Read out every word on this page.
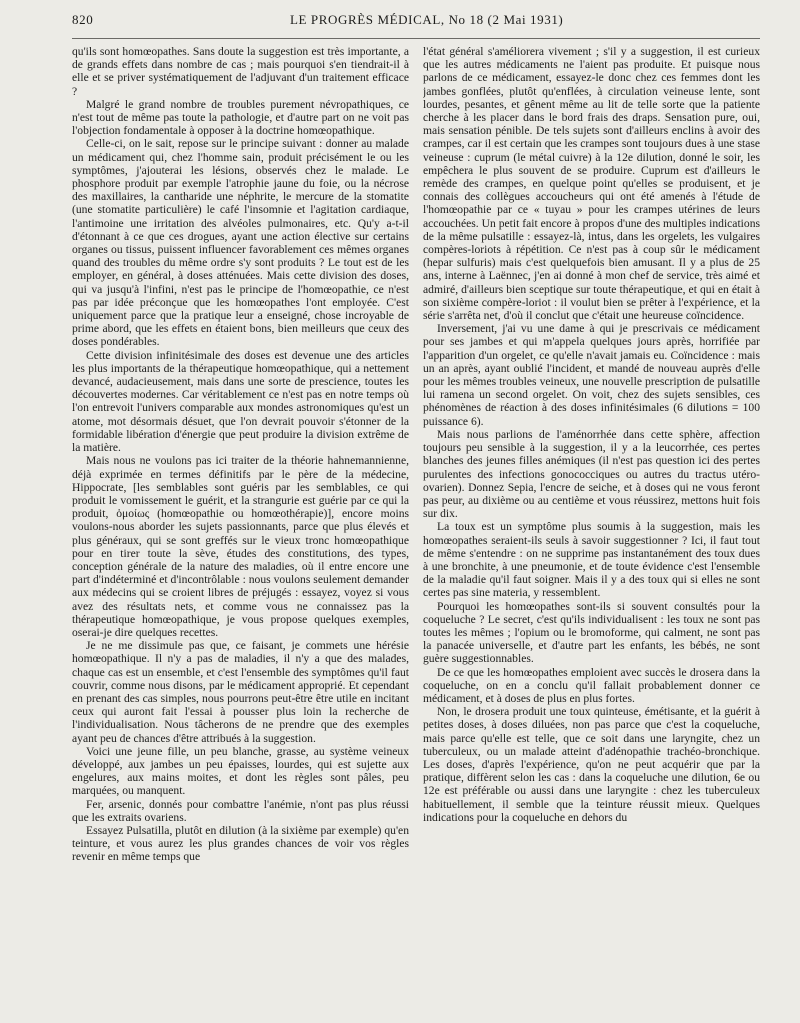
820	LE PROGRÈS MÉDICAL, No 18 (2 Mai 1931)

qu'ils sont homœopathes. Sans doute la suggestion est très importante, a de grands effets dans nombre de cas ; mais pourquoi s'en tiendrait-il à elle et se priver systématiquement de l'adjuvant d'un traitement efficace ?

Malgré le grand nombre de troubles purement névropathiques, ce n'est tout de même pas toute la pathologie, et d'autre part on ne voit pas l'objection fondamentale à opposer à la doctrine homœopathique.

Celle-ci, on le sait, repose sur le principe suivant : donner au malade un médicament qui, chez l'homme sain, produit précisément le ou les symptômes, j'ajouterai les lésions, observés chez le malade. Le phosphore produit par exemple l'atrophie jaune du foie, ou la nécrose des maxillaires, la cantharide une néphrite, le mercure de la stomatite (une stomatite particulière) le café l'insomnie et l'agitation cardiaque, l'antimoine une irritation des alvéoles pulmonaires, etc. Qu'y a-t-il d'étonnant à ce que ces drogues, ayant une action élective sur certains organes ou tissus, puissent influencer favorablement ces mêmes organes quand des troubles du même ordre s'y sont produits ? Le tout est de les employer, en général, à doses atténuées. Mais cette division des doses, qui va jusqu'à l'infini, n'est pas le principe de l'homœopathie, ce n'est pas par idée préconçue que les homœopathes l'ont employée. C'est uniquement parce que la pratique leur a enseigné, chose incroyable de prime abord, que les effets en étaient bons, bien meilleurs que ceux des doses pondérables.

Cette division infinitésimale des doses est devenue une des articles les plus importants de la thérapeutique homœopathique, qui a nettement devancé, audacieusement, mais dans une sorte de prescience, toutes les découvertes modernes. Car véritablement ce n'est pas en notre temps où l'on entrevoit l'univers comparable aux mondes astronomiques qu'est un atome, mot désormais désuet, que l'on devrait pouvoir s'étonner de la formidable libération d'énergie que peut produire la division extrême de la matière.

Mais nous ne voulons pas ici traiter de la théorie hahnemannienne, déjà exprimée en termes définitifs par le père de la médecine, Hippocrate, [les semblables sont guéris par les semblables, ce qui produit le vomissement le guérit, et la strangurie est guérie par ce qui la produit, ὁμοίως (homœopathie ou homœothérapie)], encore moins voulons-nous aborder les sujets passionnants, parce que plus élevés et plus généraux, qui se sont greffés sur le vieux tronc homœopathique pour en tirer toute la sève, études des constitutions, des types, conception générale de la nature des maladies, où il entre encore une part d'indéterminé et d'incontrôlable : nous voulons seulement demander aux médecins qui se croient libres de préjugés : essayez, voyez si vous avez des résultats nets, et comme vous ne connaissez pas la thérapeutique homœopathique, je vous propose quelques exemples, oserai-je dire quelques recettes.

Je ne me dissimule pas que, ce faisant, je commets une hérésie homœopathique. Il n'y a pas de maladies, il n'y a que des malades, chaque cas est un ensemble, et c'est l'ensemble des symptômes qu'il faut couvrir, comme nous disons, par le médicament approprié. Et cependant en prenant des cas simples, nous pourrons peut-être être utile en incitant ceux qui auront fait l'essai à pousser plus loin la recherche de l'individualisation. Nous tâcherons de ne prendre que des exemples ayant peu de chances d'être attribués à la suggestion.

Voici une jeune fille, un peu blanche, grasse, au système veineux développé, aux jambes un peu épaisses, lourdes, qui est sujette aux engelures, aux mains moites, et dont les règles sont pâles, peu marquées, ou manquent.

Fer, arsenic, donnés pour combattre l'anémie, n'ont pas plus réussi que les extraits ovariens.

Essayez Pulsatilla, plutôt en dilution (à la sixième par exemple) qu'en teinture, et vous aurez les plus grandes chances de voir vos règles revenir en même temps que

l'état général s'améliorera vivement ; s'il y a suggestion, il est curieux que les autres médicaments ne l'aient pas produite. Et puisque nous parlons de ce médicament, essayez-le donc chez ces femmes dont les jambes gonflées, plutôt qu'enflées, à circulation veineuse lente, sont lourdes, pesantes, et gênent même au lit de telle sorte que la patiente cherche à les placer dans le bord frais des draps. Sensation pure, oui, mais sensation pénible. De tels sujets sont d'ailleurs enclins à avoir des crampes, car il est certain que les crampes sont toujours dues à une stase veineuse : cuprum (le métal cuivre) à la 12e dilution, donné le soir, les empêchera le plus souvent de se produire. Cuprum est d'ailleurs le remède des crampes, en quelque point qu'elles se produisent, et je connais des collègues accoucheurs qui ont été amenés à l'étude de l'homœopathie par ce « tuyau » pour les crampes utérines de leurs accouchées. Un petit fait encore à propos d'une des multiples indications de la même pulsatille : essayez-là, intus, dans les orgelets, les vulgaires compères-loriots à répétition. Ce n'est pas à coup sûr le médicament (hepar sulfuris) mais c'est quelquefois bien amusant. Il y a plus de 25 ans, interne à Laënnec, j'en ai donné à mon chef de service, très aimé et admiré, d'ailleurs bien sceptique sur toute thérapeutique, et qui en était à son sixième compère-loriot : il voulut bien se prêter à l'expérience, et la série s'arrêta net, d'où il conclut que c'était une heureuse coïncidence.

Inversement, j'ai vu une dame à qui je prescrivais ce médicament pour ses jambes et qui m'appela quelques jours après, horrifiée par l'apparition d'un orgelet, ce qu'elle n'avait jamais eu. Coïncidence : mais un an après, ayant oublié l'incident, et mandé de nouveau auprès d'elle pour les mêmes troubles veineux, une nouvelle prescription de pulsatille lui ramena un second orgelet. On voit, chez des sujets sensibles, ces phénomènes de réaction à des doses infinitésimales (6 dilutions = 100 puissance 6).

Mais nous parlions de l'aménorrhée dans cette sphère, affection toujours peu sensible à la suggestion, il y a la leucorrhée, ces pertes blanches des jeunes filles anémiques (il n'est pas question ici des pertes purulentes des infections gonococciques ou autres du tractus utéro-ovarien). Donnez Sepia, l'encre de seiche, et à doses qui ne vous feront pas peur, au dixième ou au centième et vous réussirez, mettons huit fois sur dix.

La toux est un symptôme plus soumis à la suggestion, mais les homœopathes seraient-ils seuls à savoir suggestionner ? Ici, il faut tout de même s'entendre : on ne supprime pas instantanément des toux dues à une bronchite, à une pneumonie, et de toute évidence c'est l'ensemble de la maladie qu'il faut soigner. Mais il y a des toux qui si elles ne sont certes pas sine materia, y ressemblent.

Pourquoi les homœopathes sont-ils si souvent consultés pour la coqueluche ? Le secret, c'est qu'ils individualisent : les toux ne sont pas toutes les mêmes ; l'opium ou le bromoforme, qui calment, ne sont pas la panacée universelle, et d'autre part les enfants, les bébés, ne sont guère suggestionnables.

De ce que les homœopathes emploient avec succès le drosera dans la coqueluche, on en a conclu qu'il fallait probablement donner ce médicament, et à doses de plus en plus fortes.

Non, le drosera produit une toux quinteuse, émétisante, et la guérit à petites doses, à doses diluées, non pas parce que c'est la coqueluche, mais parce qu'elle est telle, que ce soit dans une laryngite, chez un tuberculeux, ou un malade atteint d'adénopathie trachéo-bronchique. Les doses, d'après l'expérience, qu'on ne peut acquérir que par la pratique, diffèrent selon les cas : dans la coqueluche une dilution, 6e ou 12e est préférable ou aussi dans une laryngite : chez les tuberculeux habituellement, il semble que la teinture réussit mieux. Quelques indications pour la coqueluche en dehors du
